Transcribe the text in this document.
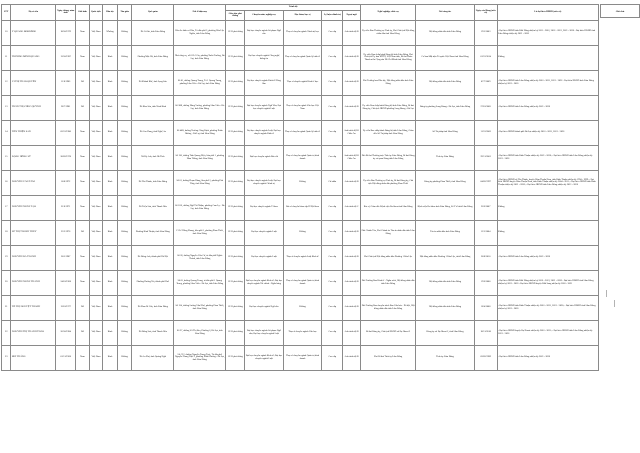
STT	Họ và tên	Ngày, tháng, năm sinh	Giới tính	Quốc tịch	Dân tộc	Tôn giáo	Quê quán	Nơi ở hiện nay	Trình độ					Nghề nghiệp, chức vụ	Nơi công tác	Ngày vào Đảng (nếu có)	Là đại biểu HĐND (nếu có)
									Giáo dục phổ thông	Chuyên môn, nghiệp vụ	Học hàm, học vị	Lý luận chính trị	Ngoại ngữ				
10	Y QUANG BOKRÔNG	18/10/1979	Nam	Việt Nam	M'nông	Không	Xã Cư Jút, tỉnh Lâm Đồng	Khu 6c đinh cư Hòa, Tổ dân phố 3, phường Hòa Lộc Nghĩa, tỉnh Lâm Đồng	12/12 phổ thông	Đại học chuyên ngành Sư phạm Ngữ văn	Thạc sĩ chuyên ngành Chính trị học	Cao cấp	Anh trình độ B	Ủy viên Ban Thường vụ Tỉnh ủy, Phó Chủ tịch Hội đồng nhân dân tỉnh Lâm Đồng	Hội đồng nhân dân tỉnh Lâm Đồng	19/5/2003	- Đại biểu HĐND tỉnh Đắk Nông nhiệm kỳ 2011 - 2016, 2016 - 2021, 2021 - 2026 - Đại biểu HĐND tỉnh Lâm Đồng nhiệm kỳ 2021 - 2026
11	TRƯƠNG MINH QUANG	13/10/1987	Nam	Việt Nam	Kinh	Không	Phường Mặc Hà, tỉnh Lâm Đồng	Nhà công vụ, số 01 Lê Gia, phường Xuân Trường, Đà Lạt, tỉnh Lâm Đồng	12/12 phổ thông	Đại học chuyên ngành Công nghệ thông tin	Thạc sĩ chuyên ngành Quản lý kinh tế	Cao cấp	Anh trình độ B	Ủy viên Ban chấp hành Đảng bộ tỉnh Lâm Đồng, Phó Chủ tịch Ủy ban MTTQ Việt Nam tỉnh, Bí thư Đoàn Thanh niên Cộng sản Hồ Chí Minh tỉnh Lâm Đồng	Cơ ban Mặt trận Tổ quốc Việt Nam tỉnh Lâm Đồng	01/12/2014	Không
12	VI THỊ THẢO QUYÊN	11/8/1983	Nữ	Việt Nam	Kinh	Không	Xã Khánh Khê, tỉnh Lạng Sơn	Số 01, đường Quang Trung, Tổ 1 Quang Trung, phường Lâm Viên - Đà Lạt, tỉnh Lâm Đồng	12/12 phổ thông	Đại học chuyên ngành Kinh tế Nông lâm	Thạc sĩ chuyên ngành Kinh tế học	Cao cấp	Anh trình độ B	Phó Trưởng ban Dân tộc, Hội đồng nhân dân tỉnh Lâm Đồng	Hội đồng nhân dân tỉnh Lâm Đồng	07/7/2009	- Đại biểu HĐND tỉnh Lâm Đồng nhiệm kỳ 2016 - 2021, 2021 - 2026 - Đại biểu HĐND tỉnh Lâm Đồng nhiệm kỳ 2021 - 2026
13	TRẦN THỊ CHÚC QUỲNH	28/7/1981	Nữ	Việt Nam	Kinh	Không	Xã Kim Sơn, tỉnh Ninh Bình	Số 30B, đường Hùng Vương, phường Lâm Viên - Đà Lạt, tỉnh Lâm Đồng	12/12 phổ thông	Đại học chuyên ngành Ngữ Văn; Đại học chuyên ngành Luật	Thạc sĩ chuyên ngành Văn học Việt Nam	Cao cấp	Anh trình độ B	Ủy viên Ban chấp hành Đảng bộ tỉnh Lâm Đồng, Bí thư Đảng ủy, Chủ tịch HĐND phường Lang Biang - Đà Lạt	Đảng ủy phường Lang Biang - Đà Lạt, tỉnh Lâm Đồng	27/01/2005	- Đại biểu HĐND tỉnh Lâm Đồng nhiệm kỳ 2021 - 2026
14	TÔN THIỆN SAN	02/12/1980	Nam	Việt Nam	Kinh	Không	Xã Cao Dung, tỉnh Nghệ An	Số 40B, đường Trương Công Định, phường Xuân Hương - Đà Lạt, tỉnh Lâm Đồng	12/12 phổ thông	Đại học chuyên ngành Luật; Đại học chuyên ngành Kinh tế	Thạc sĩ chuyên ngành Quản lý kinh tế	Cao cấp	Anh trình độ B1 Châu Âu	Ủy viên Ban chấp hành Đảng bộ tỉnh Lâm Đồng, Giám đốc Sở Tư pháp tỉnh Lâm Đồng	Sở Tư pháp tỉnh Lâm Đồng	11/12/2003	- Đại biểu HĐND thành phố Đà Lạt nhiệm kỳ 2016 - 2021, 2021 - 2026
15	ĐẶNG HỒNG SỸ	20/02/1978	Nam	Việt Nam	Kinh	Không	Xã Kỳ Anh, tỉnh Hà Tĩnh	Số 130, đường Trần Quang Diệu, khu phố 1, phường Hàm Thắng, tỉnh Lâm Đồng	12/12 phổ thông	Đại học chuyên ngành Báo chí	Thạc sĩ chuyên ngành Quản trị kinh doanh	Cao cấp	Anh trình độ B1 Châu Âu	Phó Bí thư Thường trực Tỉnh ủy Lâm Đồng, Bí thư Đảng ủy cơ quan Đảng tỉnh Lâm Đồng	Tỉnh ủy Lâm Đồng	29/11/2001	- Đại biểu HĐND tỉnh Bình Thuận nhiệm kỳ 2021 - 2026; - Đại biểu HĐND tỉnh Lâm Đồng nhiệm kỳ 2021 - 2026
16	NGUYỄN VĂN TÂM	10/8/1972	Nam	Việt Nam	Kinh	Không	Xã Tân Thành, tỉnh Lâm Đồng	Số 01, đường Phạm Hùng, khu phố 2, phường Phú Thủy, tỉnh Lâm Đồng	12/12 phổ thông	Đại học chuyên ngành Luật; Đại học chuyên ngành Chính trị	Không	Cử nhân	Anh trình độ B	Ủy viên Ban Thường vụ Tỉnh ủy, Bí thư Đảng ủy, Chủ tịch Hội đồng nhân dân phường Phan Thiết	Đảng ủy phường Phan Thiết, tỉnh Lâm Đồng	04/02/1997	- Đại biểu HĐND xã Tân Thành, huyện Hàm Thuận Nam, tỉnh Bình Thuận nhiệm kỳ 1994 - 1999; - Đại biểu HĐND huyện Hàm Thuận Nam, tỉnh Bình Thuận nhiệm kỳ 2004 - 2011; - Đại biểu HĐND tỉnh Bình Thuận nhiệm kỳ 2021 - 2026; - Đại biểu HĐND tỉnh Lâm Đồng nhiệm kỳ 2021 - 2026
17	NGUYỄN XUÂN TẠO	31/8/1971	Nam	Việt Nam	Kinh	Không	Xã Triệu Sơn, tỉnh Thanh Hóa	Số 16/6, đường Ngô Thì Nhậm, phường Cam Ly - Đà Lạt, tỉnh Lâm Đồng	12/12 phổ thông	Đại học chuyên ngành Y khoa	Bác sĩ chuyên khoa cấp II Nội khoa	Cao cấp	Anh trình độ C	Bác sĩ, Giám đốc Bệnh viện Đa khoa tỉnh Lâm Đồng	Bệnh viện Đa khoa tỉnh Lâm Đồng, Sở Y tế tỉnh Lâm Đồng	26/6/2007	Không
18	LÊ THỊ THANH THÙY	23/3/1976	Nữ	Việt Nam	Kinh	Không	Phường Bình Thuận, tỉnh Lâm Đồng	C1 Lê Hồng Phong, khu phố 1, phường Phan Thiết, tỉnh Lâm Đồng	12/12 phổ thông	Đại học chuyên ngành Luật	Không	Cao cấp	Anh trình độ B	Phó Chánh Tòa, Phó Chánh án Tòa án nhân dân tỉnh Lâm Đồng	Tòa án nhân dân tỉnh Lâm Đồng	12/5/2004	Không
19	NGUYỄN BÁ THANH	30/5/1987	Nam	Việt Nam	Kinh	Không	Xã Đông Anh, thành phố Hà Nội	Số 20, đường Nguyễn Văn Cừ, tổ dân phố Nghĩa Thành, tỉnh Lâm Đồng	12/12 phổ thông	Đại học chuyên ngành Luật	Thạc sĩ chuyên ngành Luật Kinh tế	Cao cấp	Anh trình độ B	Phó Chủ tịch Hội đồng nhân dân Phường 1 Bảo Lộc	Hội đồng nhân dân Phường 1 Bảo Lộc, tỉnh Lâm Đồng	30/8/2010	- Đại biểu HĐND tỉnh Lâm Đồng nhiệm kỳ 2021 - 2026
20	NGUYỄN XUÂN THÀNH	24/01/1968	Nam	Việt Nam	Kinh	Không	Phường Hương Trà, thành phố Huế	Số 05, đường Quang Trung, tổ dân phố 1 Quang Trung, phường Lâm Viên - Đà Lạt, tỉnh Lâm Đồng	12/12 phổ thông	Đại học chuyên ngành Kinh tế; Đại học chuyên ngành Tài chính - Ngân hàng	Thạc sĩ chuyên ngành Quản trị kinh doanh	Cao cấp	Anh trình độ B	Phó Trưởng Ban Kinh tế - Ngân sách, Hội đồng nhân dân tỉnh Lâm Đồng	Hội đồng nhân dân tỉnh Lâm Đồng	19/6/2000	- Đại biểu HĐND tỉnh Đắk Nông nhiệm kỳ 2016 - 2021, 2021 - 2026 - Đại biểu HĐND tỉnh Lâm Đồng nhiệm kỳ 2021 - 2026 - Đại biểu HĐND huyện Đắk Song nhiệm kỳ 2016 - 2021
21	TÔ THỊ NGUYỆT THANH	12/01/1977	Nữ	Việt Nam	Kinh	Không	Xã Phan Rí Cửa, tỉnh Lâm Đồng	Số 134, đường Lương Văn Nhớ, phường Phan Thiết, tỉnh Lâm Đồng	12/12 phổ thông	Đại học chuyên ngành Ngữ văn	Không	Cao cấp	Anh trình độ B	Phó Trưởng Ban chuyên trách Ban Văn hóa - Xã hội, Hội đồng nhân dân tỉnh Lâm Đồng	Hội đồng nhân dân tỉnh Lâm Đồng	18/4/2008	- Đại biểu HĐND tỉnh Bình Thuận nhiệm kỳ 2016 - 2021, 2021 - 2026; - Đại biểu HĐND tỉnh Lâm Đồng nhiệm kỳ 2021 - 2026
22	NGUYỄN THỊ THANH THẢO	26/10/1984	Nữ	Việt Nam	Kinh	Không	Xã Đông Sơn, tỉnh Thanh Hóa	Số 27, đường Võ Thị Sáu, Phường 6, Đà Lạt, tỉnh Lâm Đồng	12/12 phổ thông	Đại học chuyên ngành Sư phạm Ngữ văn; Đại học chuyên ngành Luật	Thạc sĩ chuyên ngành Văn học	Cao cấp	Anh trình độ B	Bí thư Đảng ủy, Chủ tịch HĐND xã Đạ Huoai 2	Đảng ủy xã Đạ Huoai 2, tỉnh Lâm Đồng	18/11/2010	- Đại biểu HĐND huyện Đạ Huoai nhiệm kỳ 2016 - 2021; - Đại biểu HĐND tỉnh Lâm Đồng nhiệm kỳ 2021 - 2026
23	BÙI THẮNG	01/11/1968	Nam	Việt Nam	Kinh	Không	Xã An Phú, tỉnh Quảng Ngãi	Lô C12, đường Nguyễn Trung Trực, Tổ dân phố Nguyễn Trung Trực 2, phường Xuân Hương - Đà Lạt, tỉnh Lâm Đồng	12/12 phổ thông	Đại học chuyên ngành Kinh tế; Đại học chuyên ngành Luật	Thạc sĩ chuyên ngành Quản trị kinh doanh	Cao cấp	Anh trình độ B	Phó Bí thư Tỉnh ủy Lâm Đồng	Tỉnh ủy Lâm Đồng	03/02/1989	- Đại biểu HĐND tỉnh Lâm Đồng nhiệm kỳ 2021 - 2026
Ghi chú
